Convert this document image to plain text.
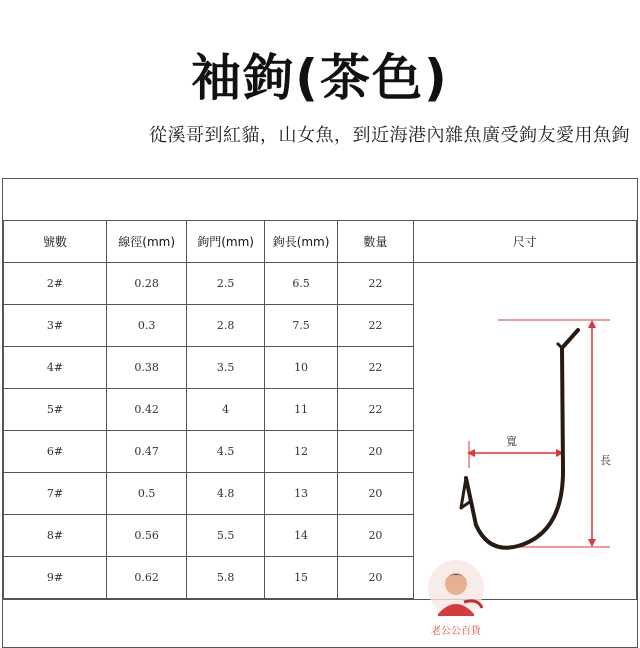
袖鉤(茶色)
從溪哥到紅貓，山女魚，到近海港內雜魚廣受鉤友愛用魚鉤
號數	線徑(mm)	鉤門(mm)	鉤長(mm)	數量	尺寸
2#	0.28	2.5	6.5	22	長
寬

3#	0.3	2.8	7.5	22	
4#	0.38	3.5	10	22	
5#	0.42	4	11	22	
6#	0.47	4.5	12	20	
7#	0.5	4.8	13	20	
8#	0.56	5.5	14	20	
9#	0.62	5.8	15	20	
老公公百貨
